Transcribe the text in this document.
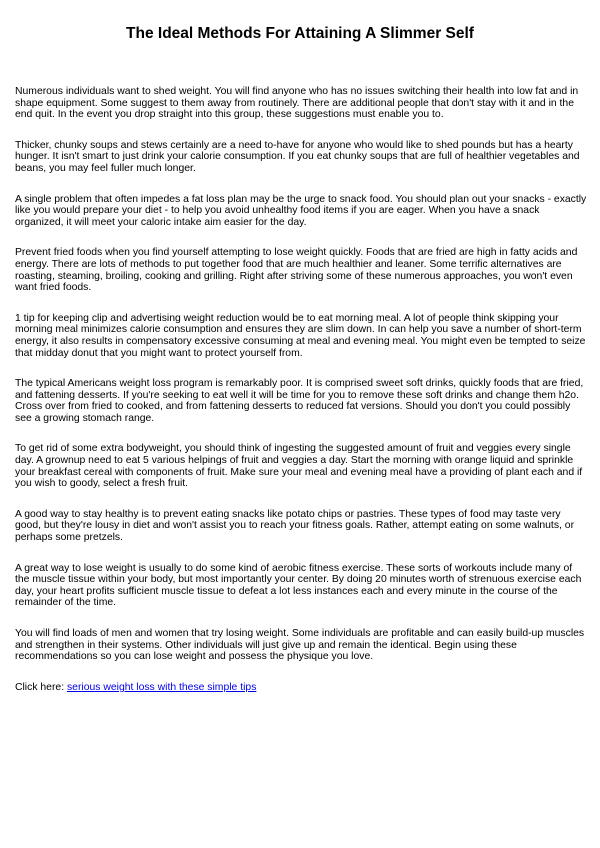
The Ideal Methods For Attaining A Slimmer Self

Numerous individuals want to shed weight. You will find anyone who has no issues switching their health into low fat and in shape equipment. Some suggest to them away from routinely. There are additional people that don't stay with it and in the end quit. In the event you drop straight into this group, these suggestions must enable you to.

Thicker, chunky soups and stews certainly are a need to-have for anyone who would like to shed pounds but has a hearty hunger. It isn't smart to just drink your calorie consumption. If you eat chunky soups that are full of healthier vegetables and beans, you may feel fuller much longer.

A single problem that often impedes a fat loss plan may be the urge to snack food. You should plan out your snacks - exactly like you would prepare your diet - to help you avoid unhealthy food items if you are eager. When you have a snack organized, it will meet your caloric intake aim easier for the day.

Prevent fried foods when you find yourself attempting to lose weight quickly. Foods that are fried are high in fatty acids and energy. There are lots of methods to put together food that are much healthier and leaner. Some terrific alternatives are roasting, steaming, broiling, cooking and grilling. Right after striving some of these numerous approaches, you won't even want fried foods.

1 tip for keeping clip and advertising weight reduction would be to eat morning meal. A lot of people think skipping your morning meal minimizes calorie consumption and ensures they are slim down. In can help you save a number of short-term energy, it also results in compensatory excessive consuming at meal and evening meal. You might even be tempted to seize that midday donut that you might want to protect yourself from.

The typical Americans weight loss program is remarkably poor. It is comprised sweet soft drinks, quickly foods that are fried, and fattening desserts. If you're seeking to eat well it will be time for you to remove these soft drinks and change them h2o. Cross over from fried to cooked, and from fattening desserts to reduced fat versions. Should you don't you could possibly see a growing stomach range.

To get rid of some extra bodyweight, you should think of ingesting the suggested amount of fruit and veggies every single day. A grownup need to eat 5 various helpings of fruit and veggies a day. Start the morning with orange liquid and sprinkle your breakfast cereal with components of fruit. Make sure your meal and evening meal have a providing of plant each and if you wish to goody, select a fresh fruit.

A good way to stay healthy is to prevent eating snacks like potato chips or pastries. These types of food may taste very good, but they're lousy in diet and won't assist you to reach your fitness goals. Rather, attempt eating on some walnuts, or perhaps some pretzels.

A great way to lose weight is usually to do some kind of aerobic fitness exercise. These sorts of workouts include many of the muscle tissue within your body, but most importantly your center. By doing 20 minutes worth of strenuous exercise each day, your heart profits sufficient muscle tissue to defeat a lot less instances each and every minute in the course of the remainder of the time.

You will find loads of men and women that try losing weight. Some individuals are profitable and can easily build-up muscles and strengthen in their systems. Other individuals will just give up and remain the identical. Begin using these recommendations so you can lose weight and possess the physique you love.

Click here: serious weight loss with these simple tips
